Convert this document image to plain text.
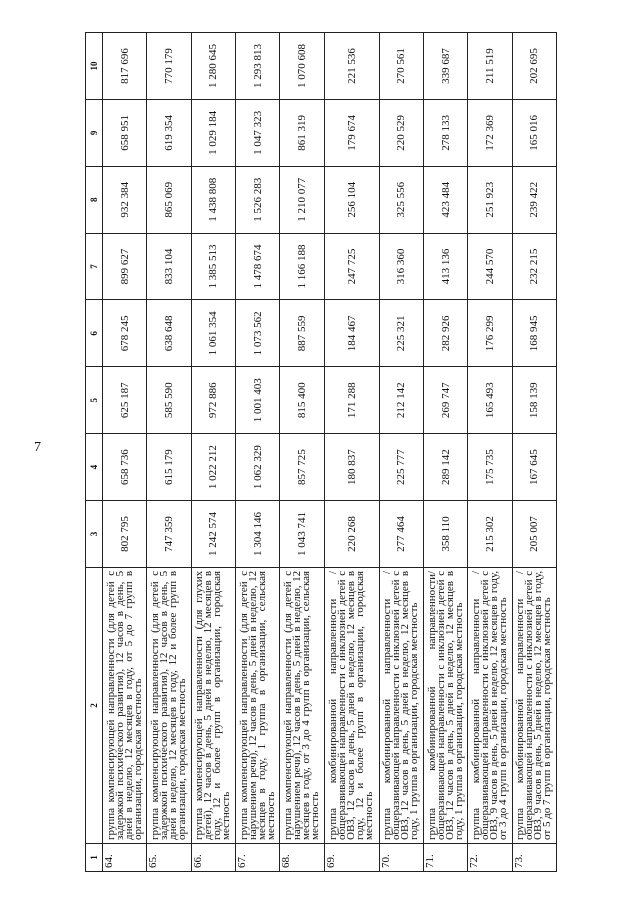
7
1	2	3	4	5	6	7	8	9	10
64.	группа компенсирующей направленности (для детей с задержкой психического развития), 12 часов в день, 5 дней в неделю, 12 месяцев в году, от 5 до 7 групп в организации, городская местность	802 795	658 736	625 187	678 245	899 627	932 384	658 951	817 696
65.	группа компенсирующей направленности (для детей с задержкой психического развития), 12 часов в день, 5 дней в неделю, 12 месяцев в году, 12 и более групп в организации, городская местность	747 359	615 179	585 590	638 648	833 104	865 069	619 354	770 179
66.	группа компенсирующей направленности (для глухих детей), 12 часов в день, 5 дней в неделю, 12 месяцев в году, 12 и более групп в организации, городская местность	1 242 574	1 022 212	972 886	1 061 354	1 385 513	1 438 808	1 029 184	1 280 645
67.	группа компенсирующей направленности (для детей с нарушением речи), 12 часов в день, 5 дней в неделю, 12 месяцев в году, 1 группа в организации, сельская местность	1 304 146	1 062 329	1 001 403	1 073 562	1 478 674	1 526 283	1 047 323	1 293 813
68.	группа компенсирующей направленности (для детей с нарушением речи), 12 часов в день, 5 дней в неделю, 12 месяцев в году, от 3 до 4 групп в организации, сельская местность	1 043 741	857 725	815 400	887 559	1 166 188	1 210 077	861 319	1 070 608
69.	группа комбинированной направленности / общеразвивающей направленности с инклюзией детей с ОВЗ, 12 часов в день, 5 дней в неделю, 12 месяцев в году, 12 и более групп в организации, городская местность	220 268	180 837	171 288	184 467	247 725	256 104	179 674	221 536
70.	группа комбинированной направленности / общеразвивающей направленности с инклюзией детей с ОВЗ, 12 часов в день, 5 дней в неделю, 12 месяцев в году, 1 группа в организации, городская местность	277 464	225 777	212 142	225 321	316 360	325 556	220 529	270 561
71.	группа комбинированной направленности/ общеразвивающей направленности с инклюзией детей с ОВЗ, 12 часов в день, 5 дней в неделю, 12 месяцев в году, 1 группа в организации, городская местность	358 110	289 142	269 747	282 926	413 136	423 484	278 133	339 687
72.	группа комбинированной направленности / общеразвивающей направленности с инклюзией детей с ОВЗ, 9 часов в день, 5 дней в неделю, 12 месяцев в году, от 3 до 4 групп в организации, городская местность	215 302	175 735	165 493	176 299	244 570	251 923	172 369	211 519
73.	группа комбинированной направленности / общеразвивающей направленности с инклюзией детей с ОВЗ, 9 часов в день, 5 дней в неделю, 12 месяцев в году, от 5 до 7 групп в организации, городская местность	205 007	167 645	158 139	168 945	232 215	239 422	165 016	202 695
